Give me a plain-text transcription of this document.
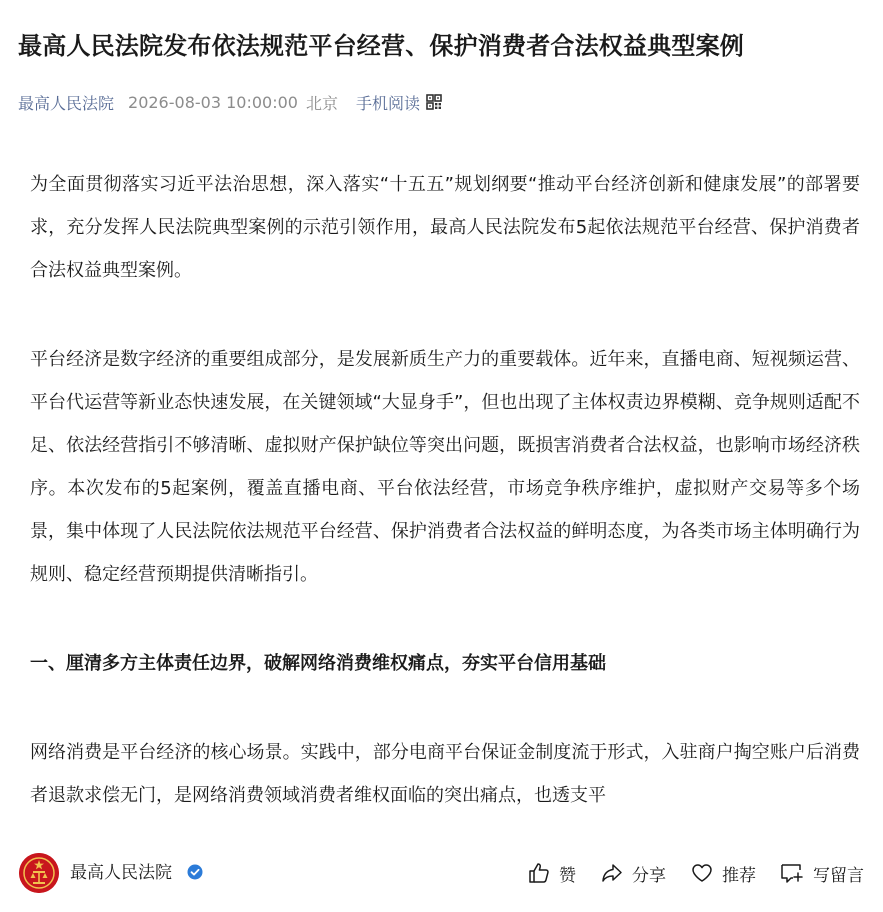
最高人民法院发布依法规范平台经营、保护消费者合法权益典型案例
最高人民法院 2026-08-03 10:00:00 北京 手机阅读

为全面贯彻落实习近平法治思想，深入落实“十五五”规划纲要“推动平台经济创新和健康发展”的部署要求，充分发挥人民法院典型案例的示范引领作用，最高人民法院发布5起依法规范平台经营、保护消费者合法权益典型案例。

平台经济是数字经济的重要组成部分，是发展新质生产力的重要载体。近年来，直播电商、短视频运营、平台代运营等新业态快速发展，在关键领域“大显身手”，但也出现了主体权责边界模糊、竞争规则适配不足、依法经营指引不够清晰、虚拟财产保护缺位等突出问题，既损害消费者合法权益，也影响市场经济秩序。本次发布的5起案例，覆盖直播电商、平台依法经营，市场竞争秩序维护，虚拟财产交易等多个场景，集中体现了人民法院依法规范平台经营、保护消费者合法权益的鲜明态度，为各类市场主体明确行为规则、稳定经营预期提供清晰指引。

一、厘清多方主体责任边界，破解网络消费维权痛点，夯实平台信用基础

网络消费是平台经济的核心场景。实践中，部分电商平台保证金制度流于形式，入驻商户掏空账户后消费者退款求偿无门，是网络消费领域消费者维权面临的突出痛点，也透支平

最高人民法院	赞	分享	推荐	写留言
